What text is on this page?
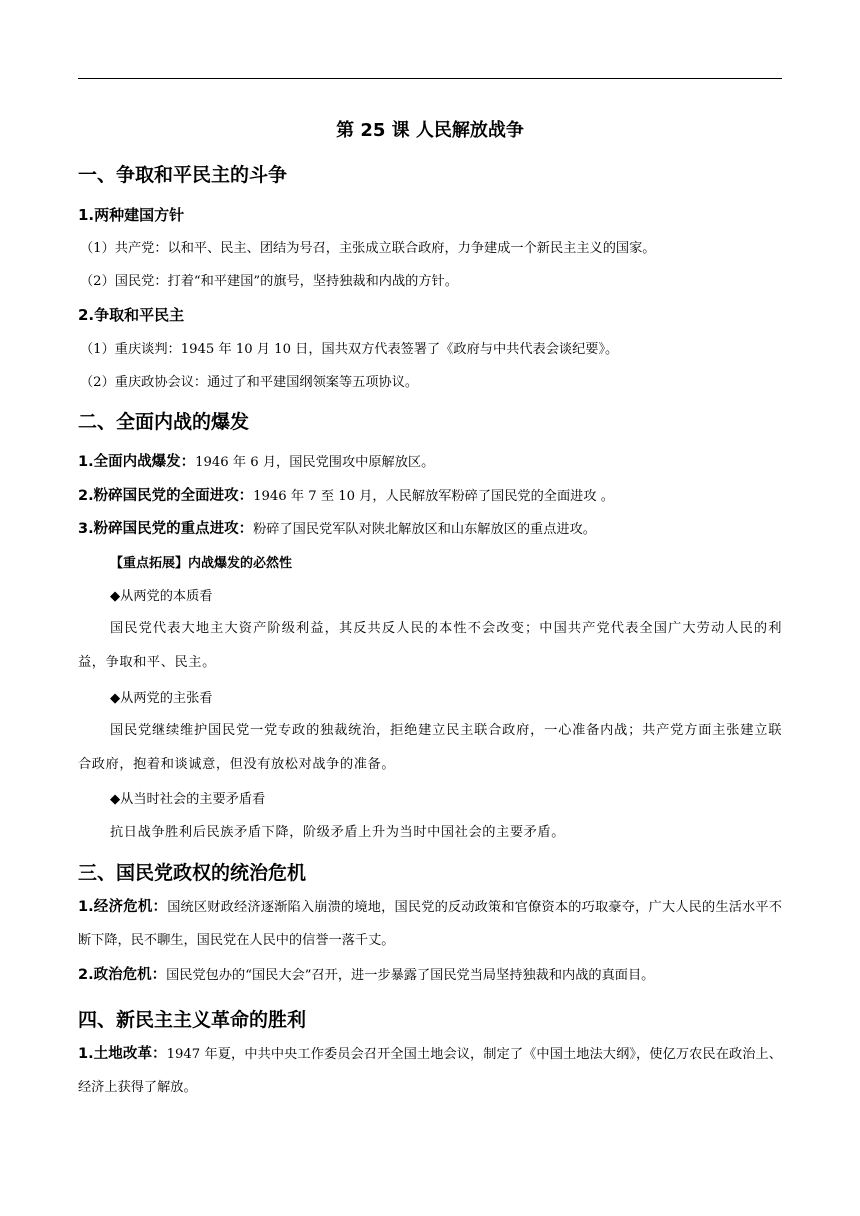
第 25 课 人民解放战争
一、争取和平民主的斗争
1.两种建国方针
（1）共产党：以和平、民主、团结为号召，主张成立联合政府，力争建成一个新民主主义的国家。
（2）国民党：打着“和平建国”的旗号，坚持独裁和内战的方针。
2.争取和平民主
（1）重庆谈判：1945 年 10 月 10 日，国共双方代表签署了《政府与中共代表会谈纪要》。
（2）重庆政协会议：通过了和平建国纲领案等五项协议。
二、全面内战的爆发
1.全面内战爆发：1946 年 6 月，国民党围攻中原解放区。
2.粉碎国民党的全面进攻：1946 年 7 至 10 月，人民解放军粉碎了国民党的全面进攻 。
3.粉碎国民党的重点进攻：粉碎了国民党军队对陕北解放区和山东解放区的重点进攻。
【重点拓展】内战爆发的必然性
◆从两党的本质看
国民党代表大地主大资产阶级利益，其反共反人民的本性不会改变；中国共产党代表全国广大劳动人民的利益，争取和平、民主。
◆从两党的主张看
国民党继续维护国民党一党专政的独裁统治，拒绝建立民主联合政府，一心准备内战；共产党方面主张建立联合政府，抱着和谈诚意，但没有放松对战争的准备。
◆从当时社会的主要矛盾看
抗日战争胜利后民族矛盾下降，阶级矛盾上升为当时中国社会的主要矛盾。
三、国民党政权的统治危机
1.经济危机：国统区财政经济逐渐陷入崩溃的境地，国民党的反动政策和官僚资本的巧取豪夺，广大人民的生活水平不断下降，民不聊生，国民党在人民中的信誉一落千丈。
2.政治危机：国民党包办的“国民大会”召开，进一步暴露了国民党当局坚持独裁和内战的真面目。
四、新民主主义革命的胜利
1.土地改革：1947 年夏，中共中央工作委员会召开全国土地会议，制定了《中国土地法大纲》，使亿万农民在政治上、经济上获得了解放。
